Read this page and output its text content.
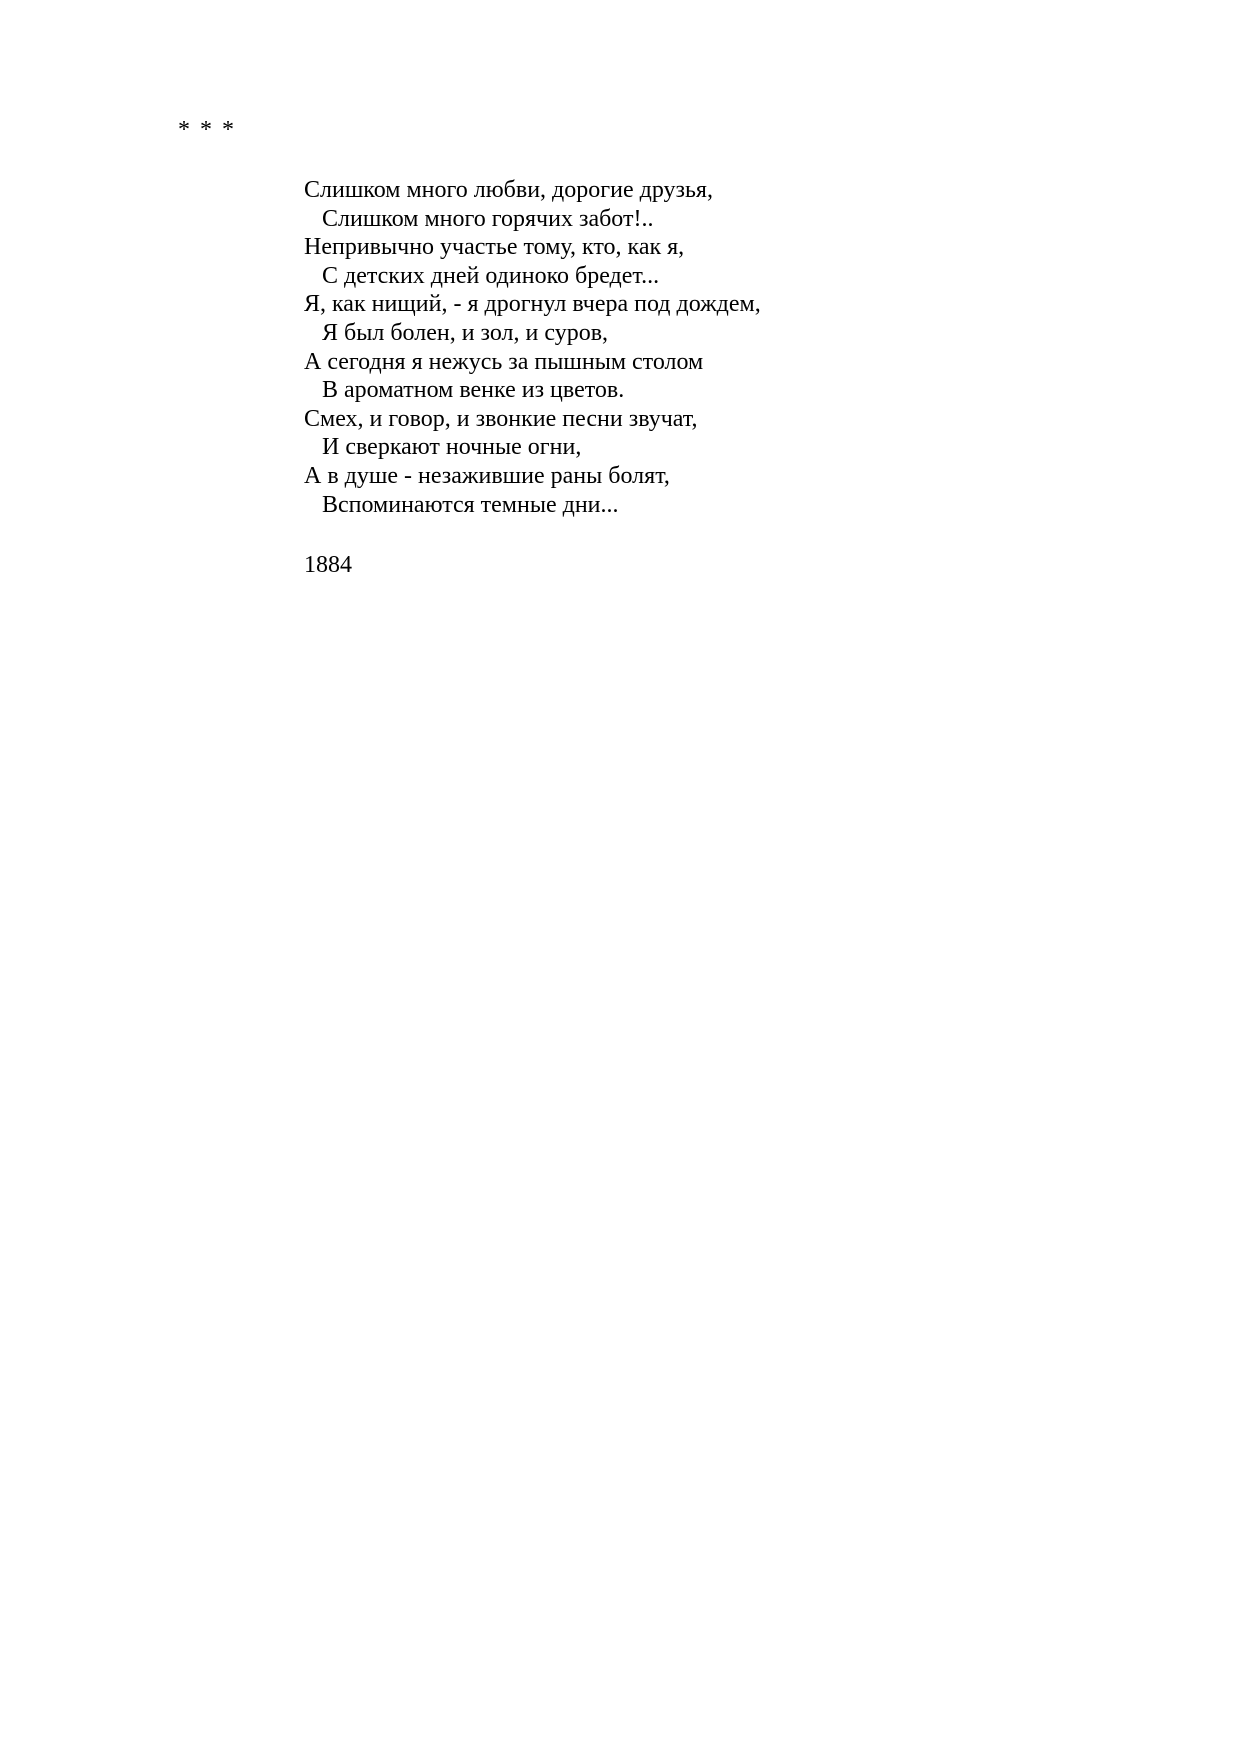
* * *
Слишком много любви, дорогие друзья,
Слишком много горячих забот!..
Непривычно участье тому, кто, как я,
С детских дней одиноко бредет...
Я, как нищий, - я дрогнул вчера под дождем,
Я был болен, и зол, и суров,
А сегодня я нежусь за пышным столом
В ароматном венке из цветов.
Смех, и говор, и звонкие песни звучат,
И сверкают ночные огни,
А в душе - незажившие раны болят,
Вспоминаются темные дни...
1884
